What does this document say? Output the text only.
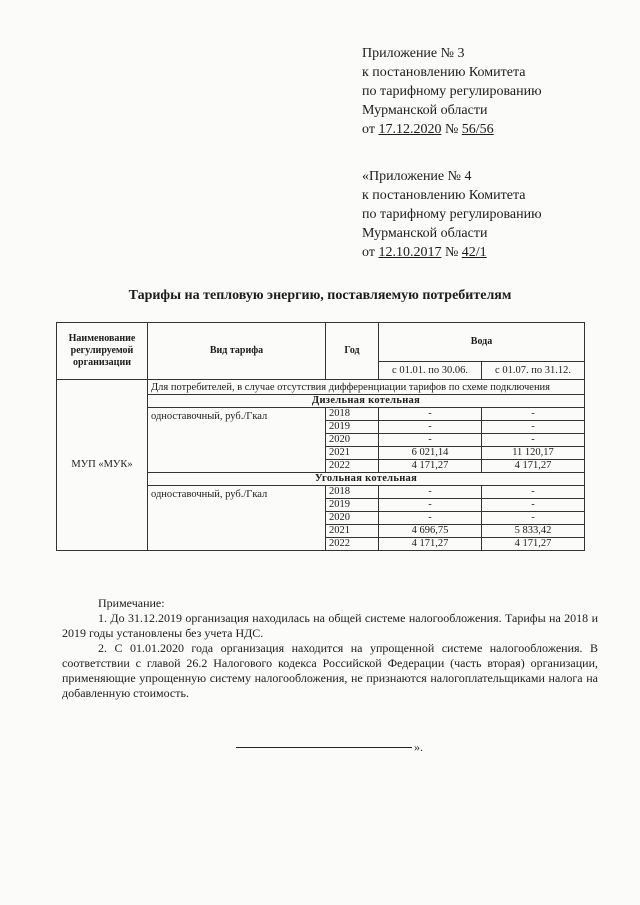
Приложение № 3
к постановлению Комитета
по тарифному регулированию
Мурманской области
от 17.12.2020 № 56/56
«Приложение № 4
к постановлению Комитета
по тарифному регулированию
Мурманской области
от 12.10.2017 № 42/1
Тарифы на тепловую энергию, поставляемую потребителям
Наименование регулируемой организации	Вид тарифа	Год	Вода	
			с 01.01. по 30.06.	с 01.07. по 31.12.
МУП «МУК»	Для потребителей, в случае отсутствия дифференциации тарифов по схеме подключения			
	Дизельная котельная			
	одноставочный, руб./Гкал	2018	-	-
		2019	-	-
		2020	-	-
		2021	6 021,14	11 120,17
		2022	4 171,27	4 171,27
	Угольная котельная			
	одноставочный, руб./Гкал	2018	-	-
		2019	-	-
		2020	-	-
		2021	4 696,75	5 833,42
		2022	4 171,27	4 171,27

Примечание:

1. До 31.12.2019 организация находилась на общей системе налогообложения. Тарифы на 2018 и 2019 годы установлены без учета НДС.

2. С 01.01.2020 года организация находится на упрощенной системе налогообложения. В соответствии с главой 26.2 Налогового кодекса Российской Федерации (часть вторая) организации, применяющие упрощенную систему налогообложения, не признаются налогоплательщиками налога на добавленную стоимость.

».
